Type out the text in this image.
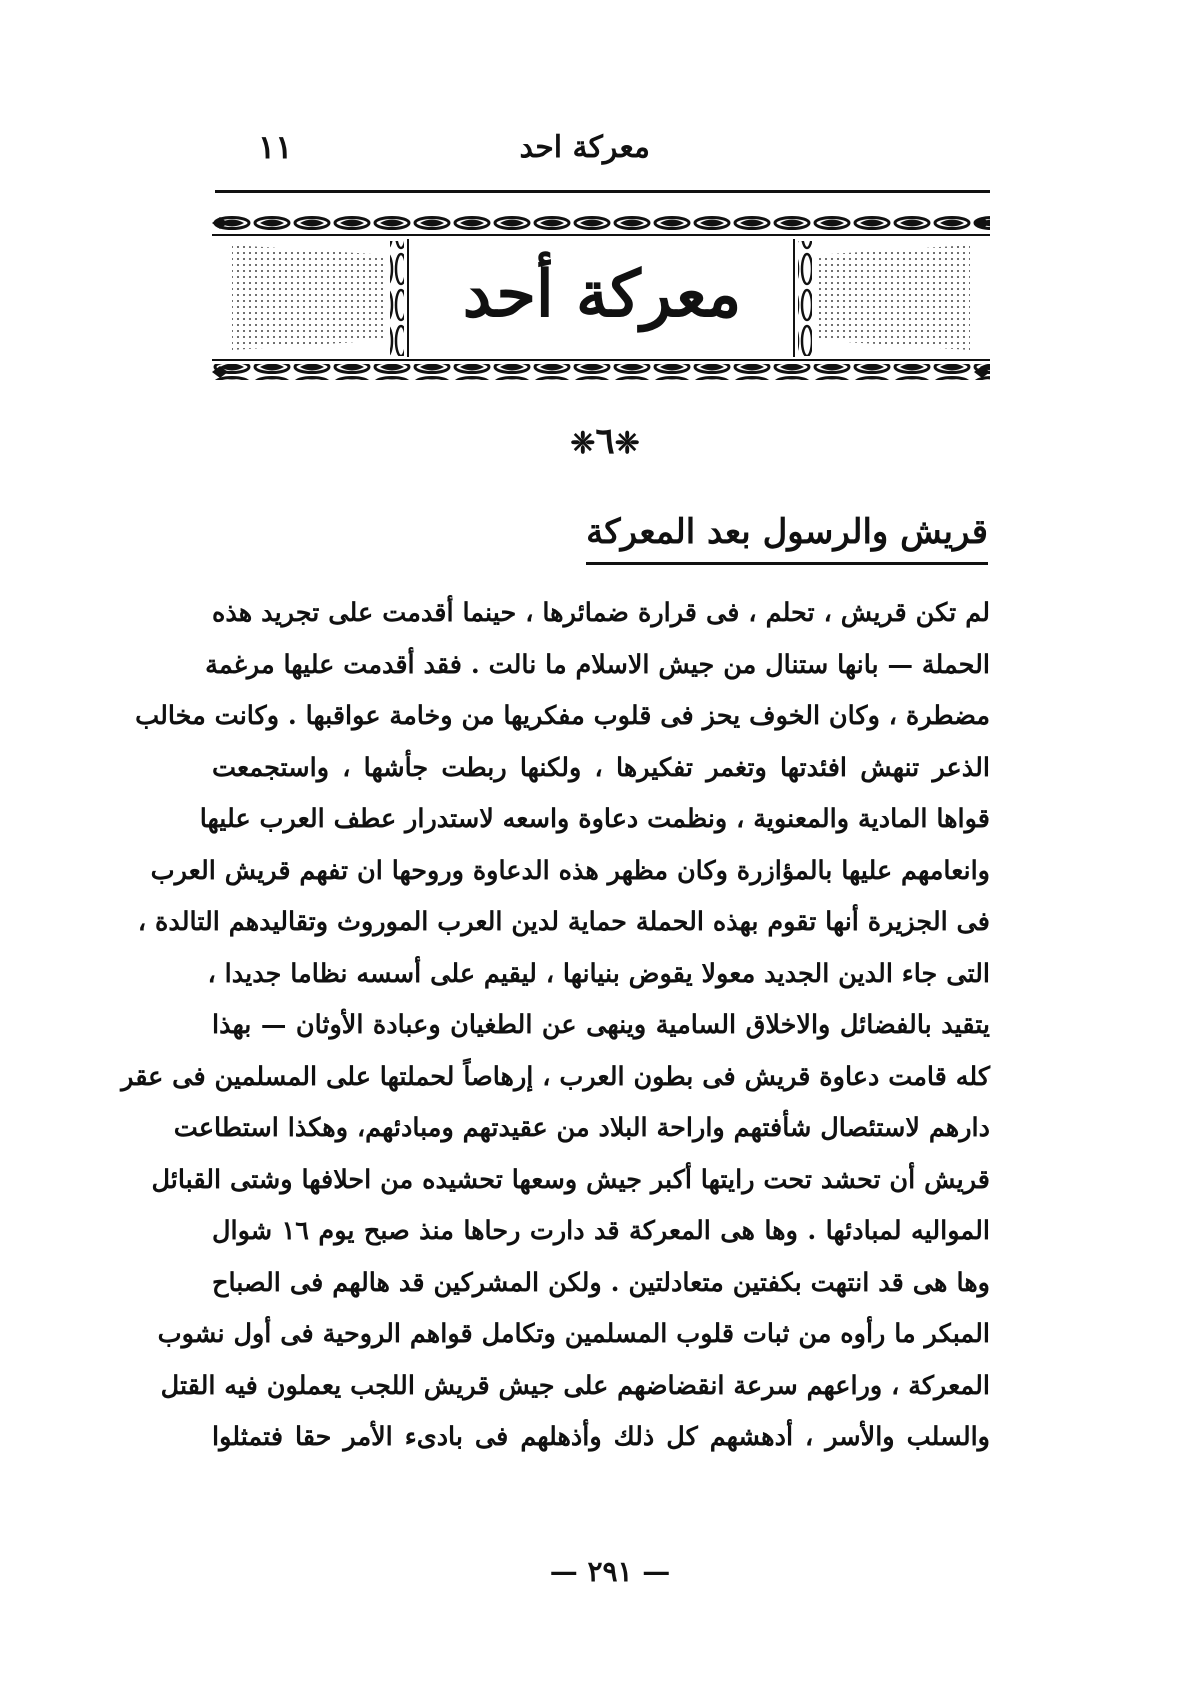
معركة احد
١١
معركة أحد
❈٦❈
قريش والرسول بعد المعركة
لم تكن قريش ، تحلم ، فى قرارة ضمائرها ، حينما أقدمت على تجريد هذه
الحملة — بانها ستنال من جيش الاسلام ما نالت . فقد أقدمت عليها مرغمة
مضطرة ، وكان الخوف يحز فى قلوب مفكريها من وخامة عواقبها . وكانت مخالب
الذعر تنهش افئدتها وتغمر تفكيرها ، ولكنها ربطت جأشها ، واستجمعت
قواها المادية والمعنوية ، ونظمت دعاوة واسعه لاستدرار عطف العرب عليها
وانعامهم عليها بالمؤازرة وكان مظهر هذه الدعاوة وروحها ان تفهم قريش العرب
فى الجزيرة أنها تقوم بهذه الحملة حماية لدين العرب الموروث وتقاليدهم التالدة ،
التى جاء الدين الجديد معولا يقوض بنيانها ، ليقيم على أسسه نظاما جديدا ،
يتقيد بالفضائل والاخلاق السامية وينهى عن الطغيان وعبادة الأوثان — بهذا
كله قامت دعاوة قريش فى بطون العرب ، إرهاصاً لحملتها على المسلمين فى عقر
دارهم لاستئصال شأفتهم واراحة البلاد من عقيدتهم ومبادئهم، وهكذا استطاعت
قريش أن تحشد تحت رايتها أكبر جيش وسعها تحشيده من احلافها وشتى القبائل
المواليه لمبادئها . وها هى المعركة قد دارت رحاها منذ صبح يوم ١٦ شوال
وها هى قد انتهت بكفتين متعادلتين . ولكن المشركين قد هالهم فى الصباح
المبكر ما رأوه من ثبات قلوب المسلمين وتكامل قواهم الروحية فى أول نشوب
المعركة ، وراعهم سرعة انقضاضهم على جيش قريش اللجب يعملون فيه القتل
والسلب والأسر ، أدهشهم كل ذلك وأذهلهم فى بادىء الأمر حقا فتمثلوا
— ٢٩١ —
